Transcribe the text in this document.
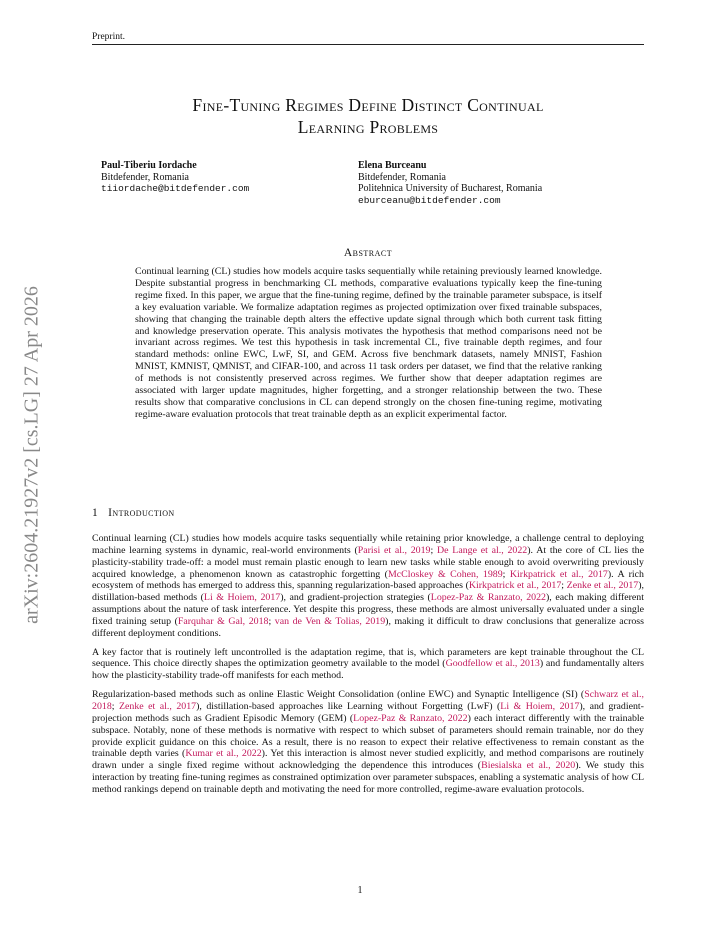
Preprint.
arXiv:2604.21927v2 [cs.LG] 27 Apr 2026
Fine-Tuning Regimes Define Distinct Continual
Learning Problems
Paul-Tiberiu Iordache
Bitdefender, Romania
tiiordache@bitdefender.com
Elena Burceanu
Bitdefender, Romania
Politehnica University of Bucharest, Romania
eburceanu@bitdefender.com
Abstract

Continual learning (CL) studies how models acquire tasks sequentially while retaining previously learned knowledge. Despite substantial progress in benchmarking CL methods, comparative evaluations typically keep the fine-tuning regime fixed. In this paper, we argue that the fine-tuning regime, defined by the trainable parameter subspace, is itself a key evaluation variable. We formalize adaptation regimes as projected optimization over fixed trainable subspaces, showing that changing the trainable depth alters the effective update signal through which both current task fitting and knowledge preservation operate. This analysis motivates the hypothesis that method comparisons need not be invariant across regimes. We test this hypothesis in task incremental CL, five trainable depth regimes, and four standard methods: online EWC, LwF, SI, and GEM. Across five benchmark datasets, namely MNIST, Fashion MNIST, KMNIST, QMNIST, and CIFAR-100, and across 11 task orders per dataset, we find that the relative ranking of methods is not consistently preserved across regimes. We further show that deeper adaptation regimes are associated with larger update magnitudes, higher forgetting, and a stronger relationship between the two. These results show that comparative conclusions in CL can depend strongly on the chosen fine-tuning regime, motivating regime-aware evaluation protocols that treat trainable depth as an explicit experimental factor.

1 Introduction

Continual learning (CL) studies how models acquire tasks sequentially while retaining prior knowledge, a challenge central to deploying machine learning systems in dynamic, real-world environments (Parisi et al., 2019; De Lange et al., 2022). At the core of CL lies the plasticity-stability trade-off: a model must remain plastic enough to learn new tasks while stable enough to avoid overwriting previously acquired knowledge, a phenomenon known as catastrophic forgetting (McCloskey & Cohen, 1989; Kirkpatrick et al., 2017). A rich ecosystem of methods has emerged to address this, spanning regularization-based approaches (Kirkpatrick et al., 2017; Zenke et al., 2017), distillation-based methods (Li & Hoiem, 2017), and gradient-projection strategies (Lopez-Paz & Ranzato, 2022), each making different assumptions about the nature of task interference. Yet despite this progress, these methods are almost universally evaluated under a single fixed training setup (Farquhar & Gal, 2018; van de Ven & Tolias, 2019), making it difficult to draw conclusions that generalize across different deployment conditions.

A key factor that is routinely left uncontrolled is the adaptation regime, that is, which parameters are kept trainable throughout the CL sequence. This choice directly shapes the optimization geometry available to the model (Goodfellow et al., 2013) and fundamentally alters how the plasticity-stability trade-off manifests for each method.

Regularization-based methods such as online Elastic Weight Consolidation (online EWC) and Synaptic Intelligence (SI) (Schwarz et al., 2018; Zenke et al., 2017), distillation-based approaches like Learning without Forgetting (LwF) (Li & Hoiem, 2017), and gradient-projection methods such as Gradient Episodic Memory (GEM) (Lopez-Paz & Ranzato, 2022) each interact differently with the trainable subspace. Notably, none of these methods is normative with respect to which subset of parameters should remain trainable, nor do they provide explicit guidance on this choice. As a result, there is no reason to expect their relative effectiveness to remain constant as the trainable depth varies (Kumar et al., 2022). Yet this interaction is almost never studied explicitly, and method comparisons are routinely drawn under a single fixed regime without acknowledging the dependence this introduces (Biesialska et al., 2020). We study this interaction by treating fine-tuning regimes as constrained optimization over parameter subspaces, enabling a systematic analysis of how CL method rankings depend on trainable depth and motivating the need for more controlled, regime-aware evaluation protocols.

1
